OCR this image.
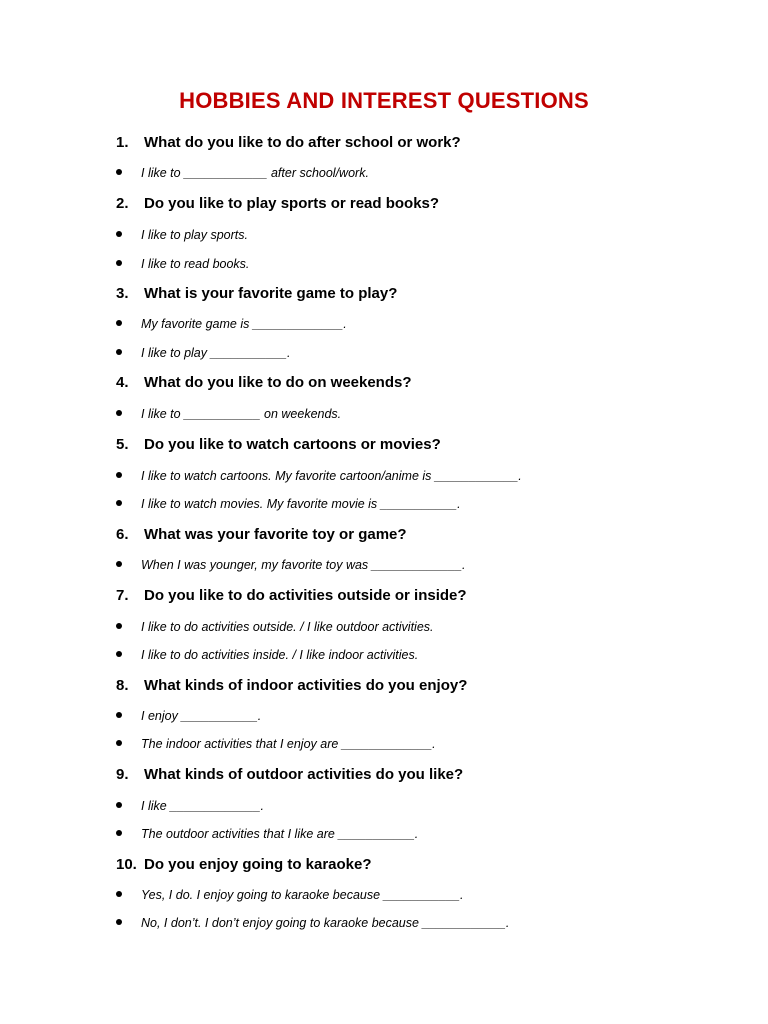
HOBBIES AND INTEREST QUESTIONS
1. What do you like to do after school or work?
I like to ____________ after school/work.
2. Do you like to play sports or read books?
I like to play sports.
I like to read books.
3. What is your favorite game to play?
My favorite game is _____________.
I like to play ___________.
4. What do you like to do on weekends?
I like to ___________ on weekends.
5. Do you like to watch cartoons or movies?
I like to watch cartoons. My favorite cartoon/anime is ____________.
I like to watch movies. My favorite movie is ___________.
6. What was your favorite toy or game?
When I was younger, my favorite toy was _____________.
7. Do you like to do activities outside or inside?
I like to do activities outside. / I like outdoor activities.
I like to do activities inside. / I like indoor activities.
8. What kinds of indoor activities do you enjoy?
I enjoy ___________.
The indoor activities that I enjoy are _____________.
9. What kinds of outdoor activities do you like?
I like _____________.
The outdoor activities that I like are ___________.
10. Do you enjoy going to karaoke?
Yes, I do. I enjoy going to karaoke because ___________.
No, I don’t. I don’t enjoy going to karaoke because ____________.
